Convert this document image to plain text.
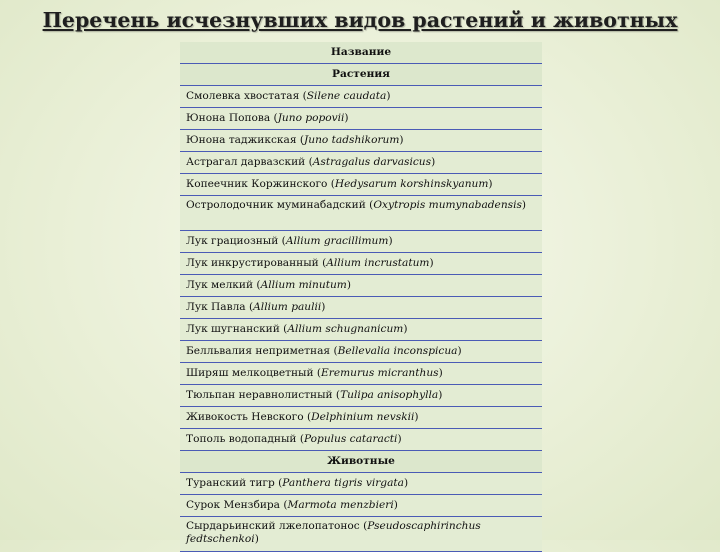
Перечень исчезнувших видов растений и животных
Название
Растения
Смолевка хвостатая (Silene caudata)
Юнона Попова (Juno popovii)
Юнона таджикская (Juno tadshikorum)
Астрагал дарвазский (Astragalus darvasicus)
Копеечник Коржинского (Hedysarum korshinskyanum)
Остролодочник муминабадский (Oxytropis mumynabadensis)
Лук грациозный (Allium gracillimum)
Лук инкрустированный (Allium incrustatum)
Лук мелкий (Allium minutum)
Лук Павла (Allium paulii)
Лук шугнанский (Allium schugnanicum)
Белльвалия неприметная (Bellevalia inconspicua)
Ширяш мелкоцветный (Eremurus micranthus)
Тюльпан неравнолистный (Tulipa anisophylla)
Живокость Невского (Delphinium nevskii)
Тополь водопадный (Populus cataracti)
Животные
Туранский тигр (Panthera tigris virgata)
Сурок Мензбира (Marmota menzbieri)
Сырдарьинский лжелопатонос (Pseudoscaphirinchus fedtschenkoi)
